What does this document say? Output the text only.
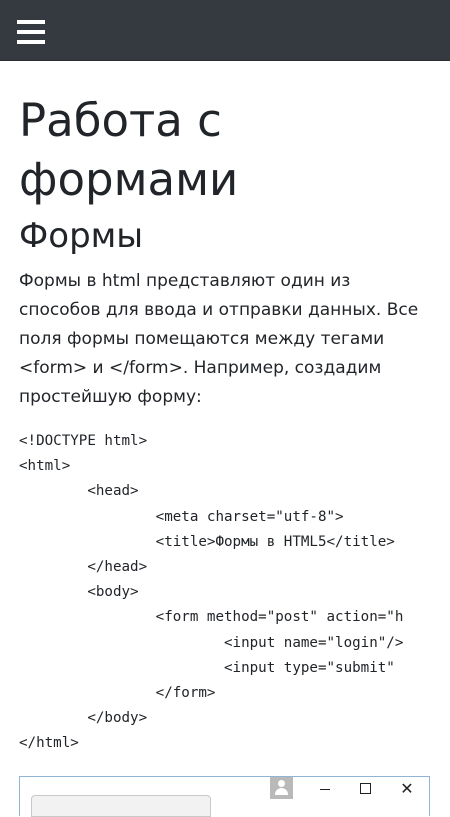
Работа с формами
Формы

Формы в html представляют один из способов для ввода и отправки данных. Все поля формы помещаются между тегами <form> и </form>. Например, создадим простейшую форму:

<!DOCTYPE html>
<html>
<head>
<meta charset="utf-8">
<title>Формы в HTML5</title>
</head>
<body>
<form method="post" action="h
<input name="login"/>
<input type="submit"
</form>
</body>
</html>
✕
